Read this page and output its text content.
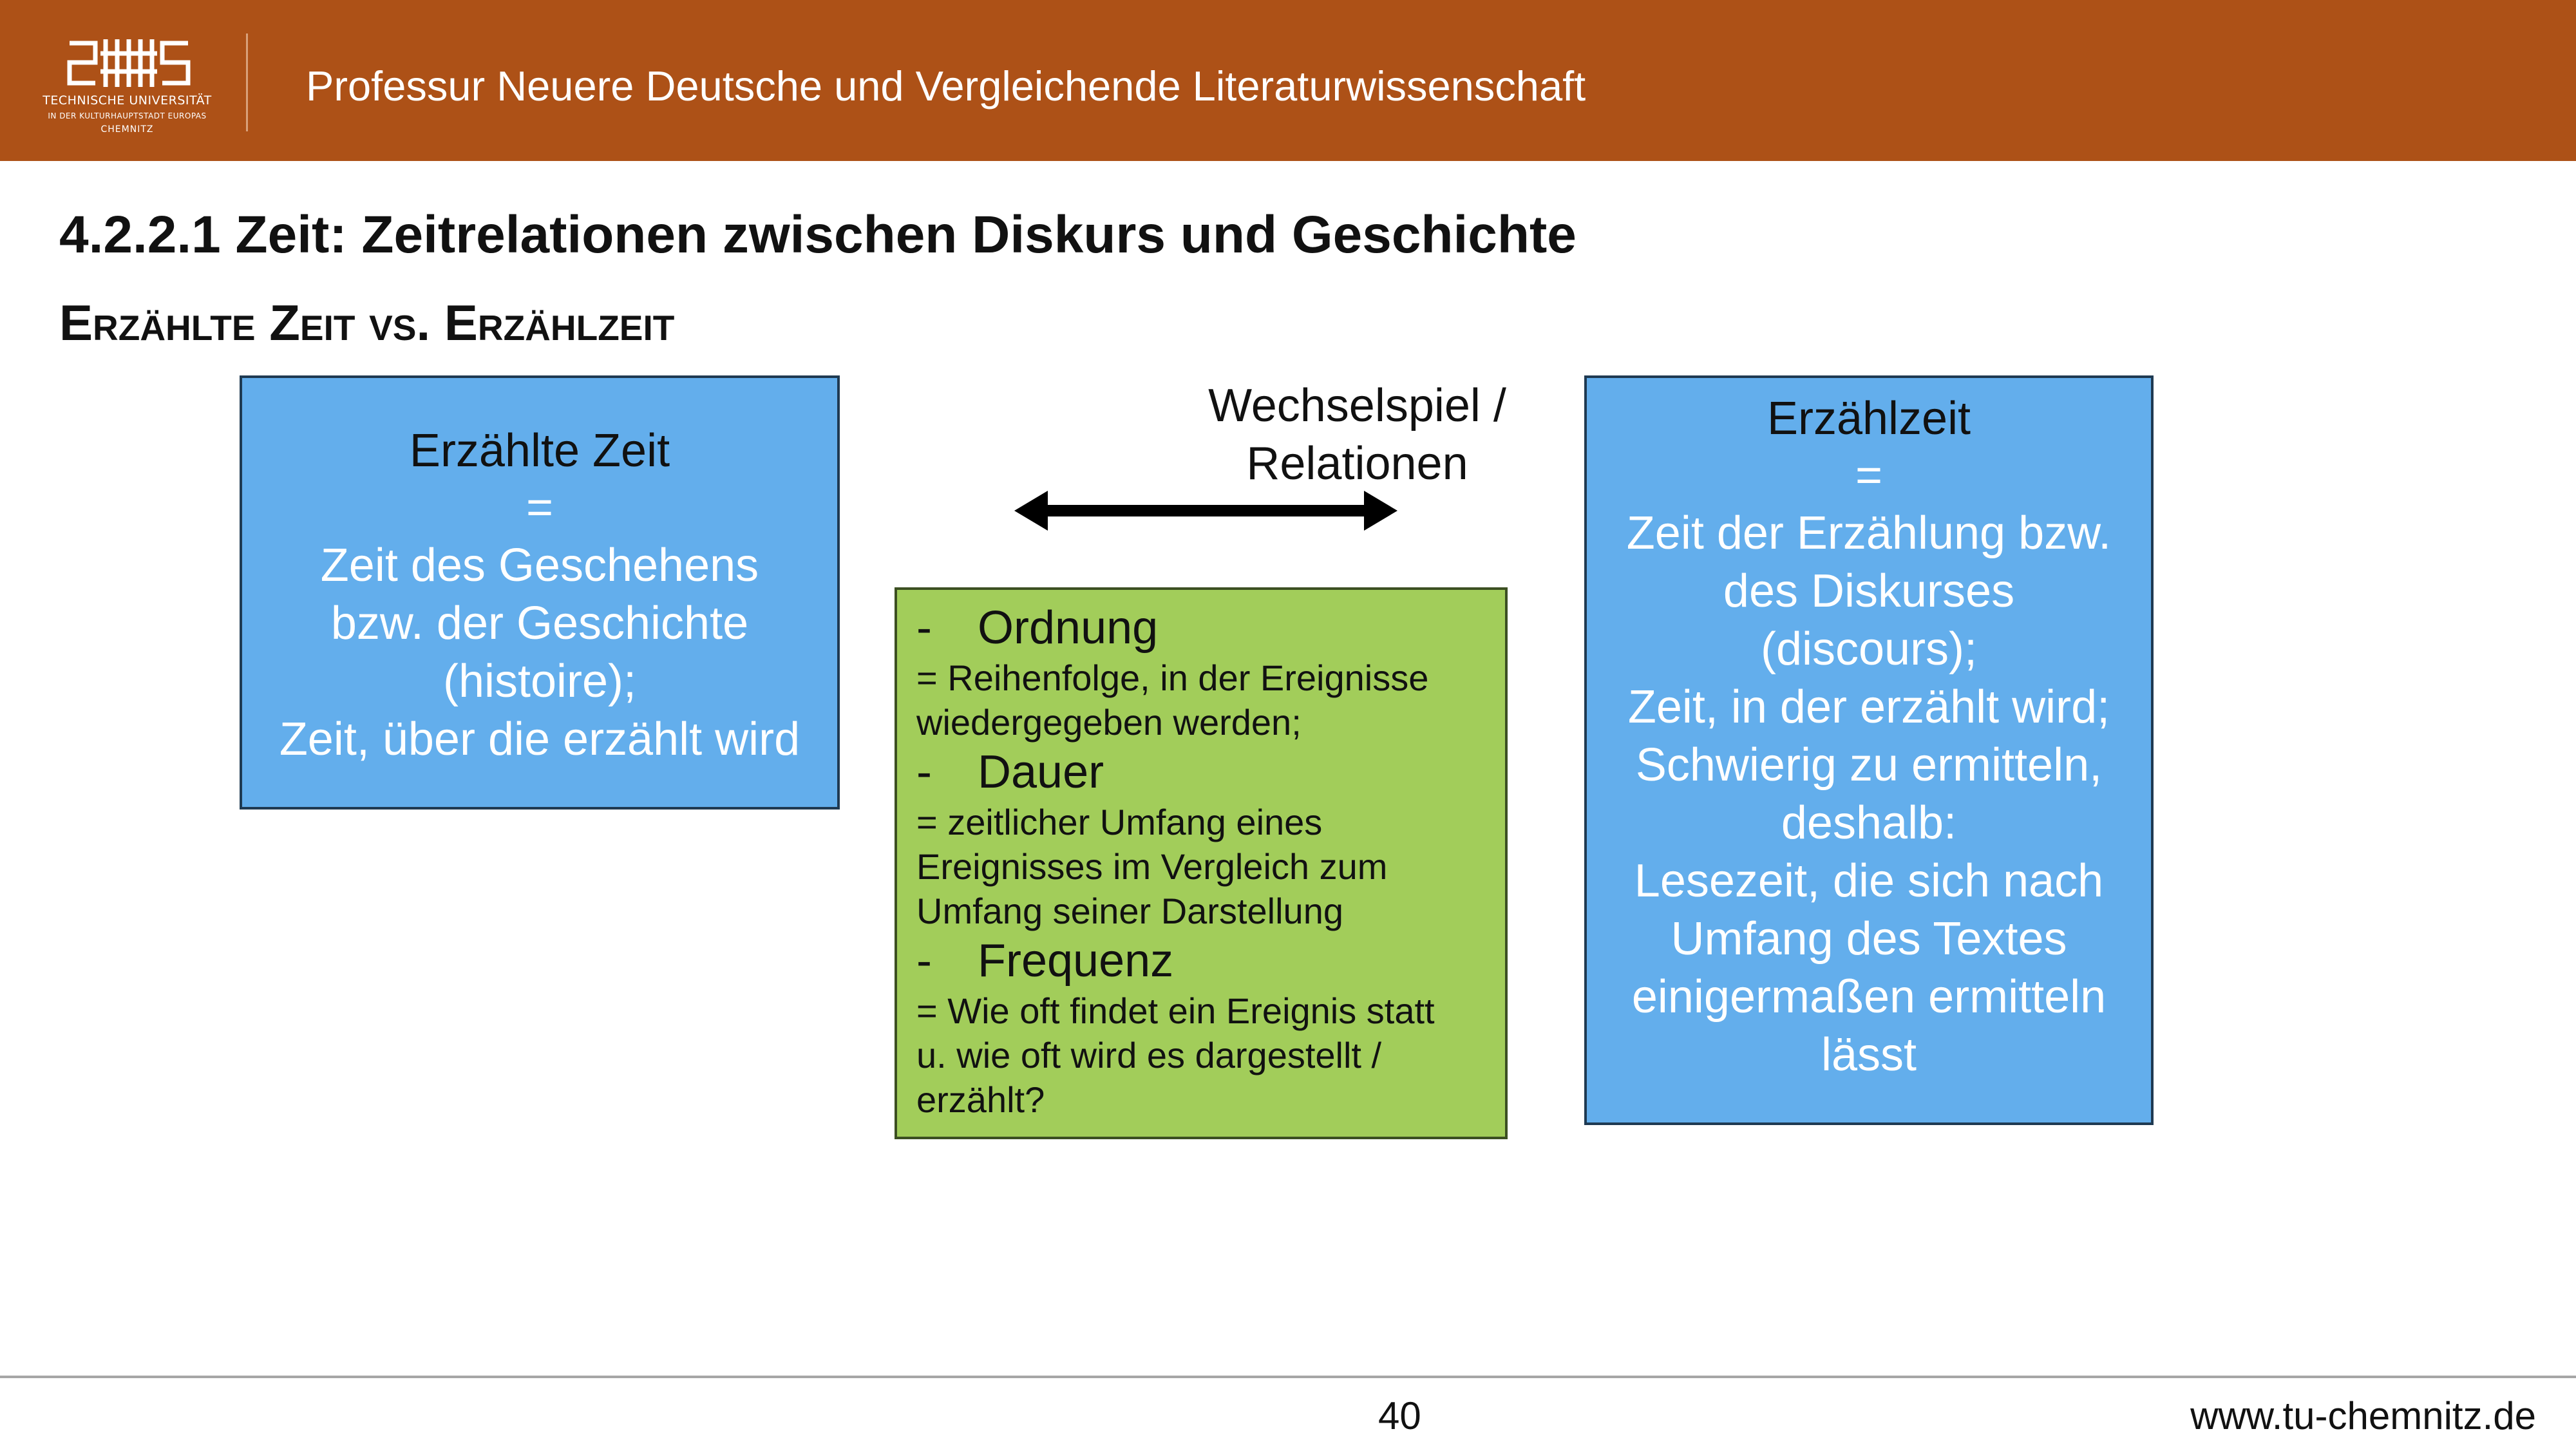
TECHNISCHE UNIVERSITÄT
IN DER KULTURHAUPTSTADT EUROPAS
CHEMNITZ
Professur Neuere Deutsche und Vergleichende Literaturwissenschaft
4.2.2.1 Zeit: Zeitrelationen zwischen Diskurs und Geschichte
Erzählte Zeit vs. Erzählzeit
Erzählte Zeit
=
Zeit des Geschehens
bzw. der Geschichte
(histoire);
Zeit, über die erzählt wird
Wechselspiel /
Relationen
- Ordnung
= Reihenfolge, in der Ereignisse
wiedergegeben werden;
- Dauer
= zeitlicher Umfang eines
Ereignisses im Vergleich zum
Umfang seiner Darstellung
- Frequenz
= Wie oft findet ein Ereignis statt
u. wie oft wird es dargestellt /
erzählt?
Erzählzeit
=
Zeit der Erzählung bzw.
des Diskurses
(discours);
Zeit, in der erzählt wird;
Schwierig zu ermitteln,
deshalb:
Lesezeit, die sich nach
Umfang des Textes
einigermaßen ermitteln
lässt
40	www.tu-chemnitz.de
